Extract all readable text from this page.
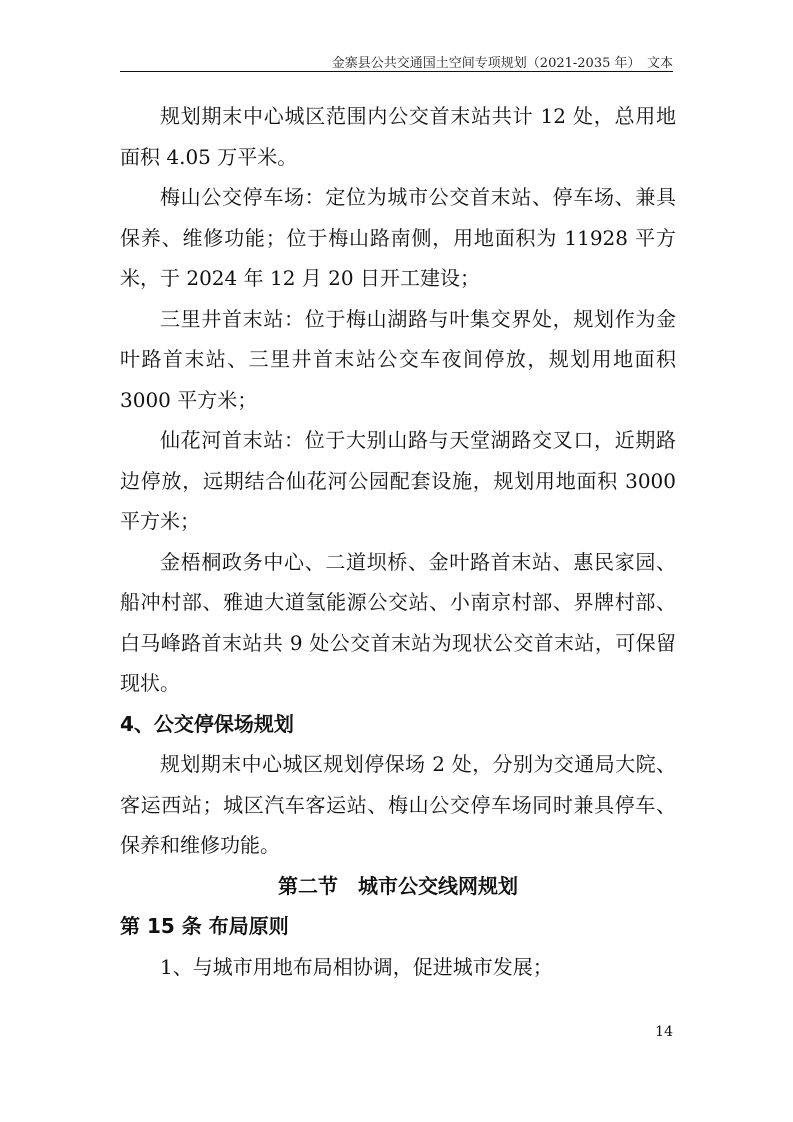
金寨县公共交通国土空间专项规划（2021-2035 年）　文本

规划期末中心城区范围内公交首末站共计 12 处，总用地面积 4.05 万平米。

梅山公交停车场：定位为城市公交首末站、停车场、兼具保养、维修功能；位于梅山路南侧，用地面积为 11928 平方米，于 2024 年 12 月 20 日开工建设；

三里井首末站：位于梅山湖路与叶集交界处，规划作为金叶路首末站、三里井首末站公交车夜间停放，规划用地面积 3000 平方米；

仙花河首末站：位于大别山路与天堂湖路交叉口，近期路边停放，远期结合仙花河公园配套设施，规划用地面积 3000 平方米；

金梧桐政务中心、二道坝桥、金叶路首末站、惠民家园、船冲村部、雅迪大道氢能源公交站、小南京村部、界牌村部、白马峰路首末站共 9 处公交首末站为现状公交首末站，可保留现状。

4、公交停保场规划

规划期末中心城区规划停保场 2 处，分别为交通局大院、客运西站；城区汽车客运站、梅山公交停车场同时兼具停车、保养和维修功能。

第二节　城市公交线网规划

第 15 条 布局原则

1、与城市用地布局相协调，促进城市发展；

14
